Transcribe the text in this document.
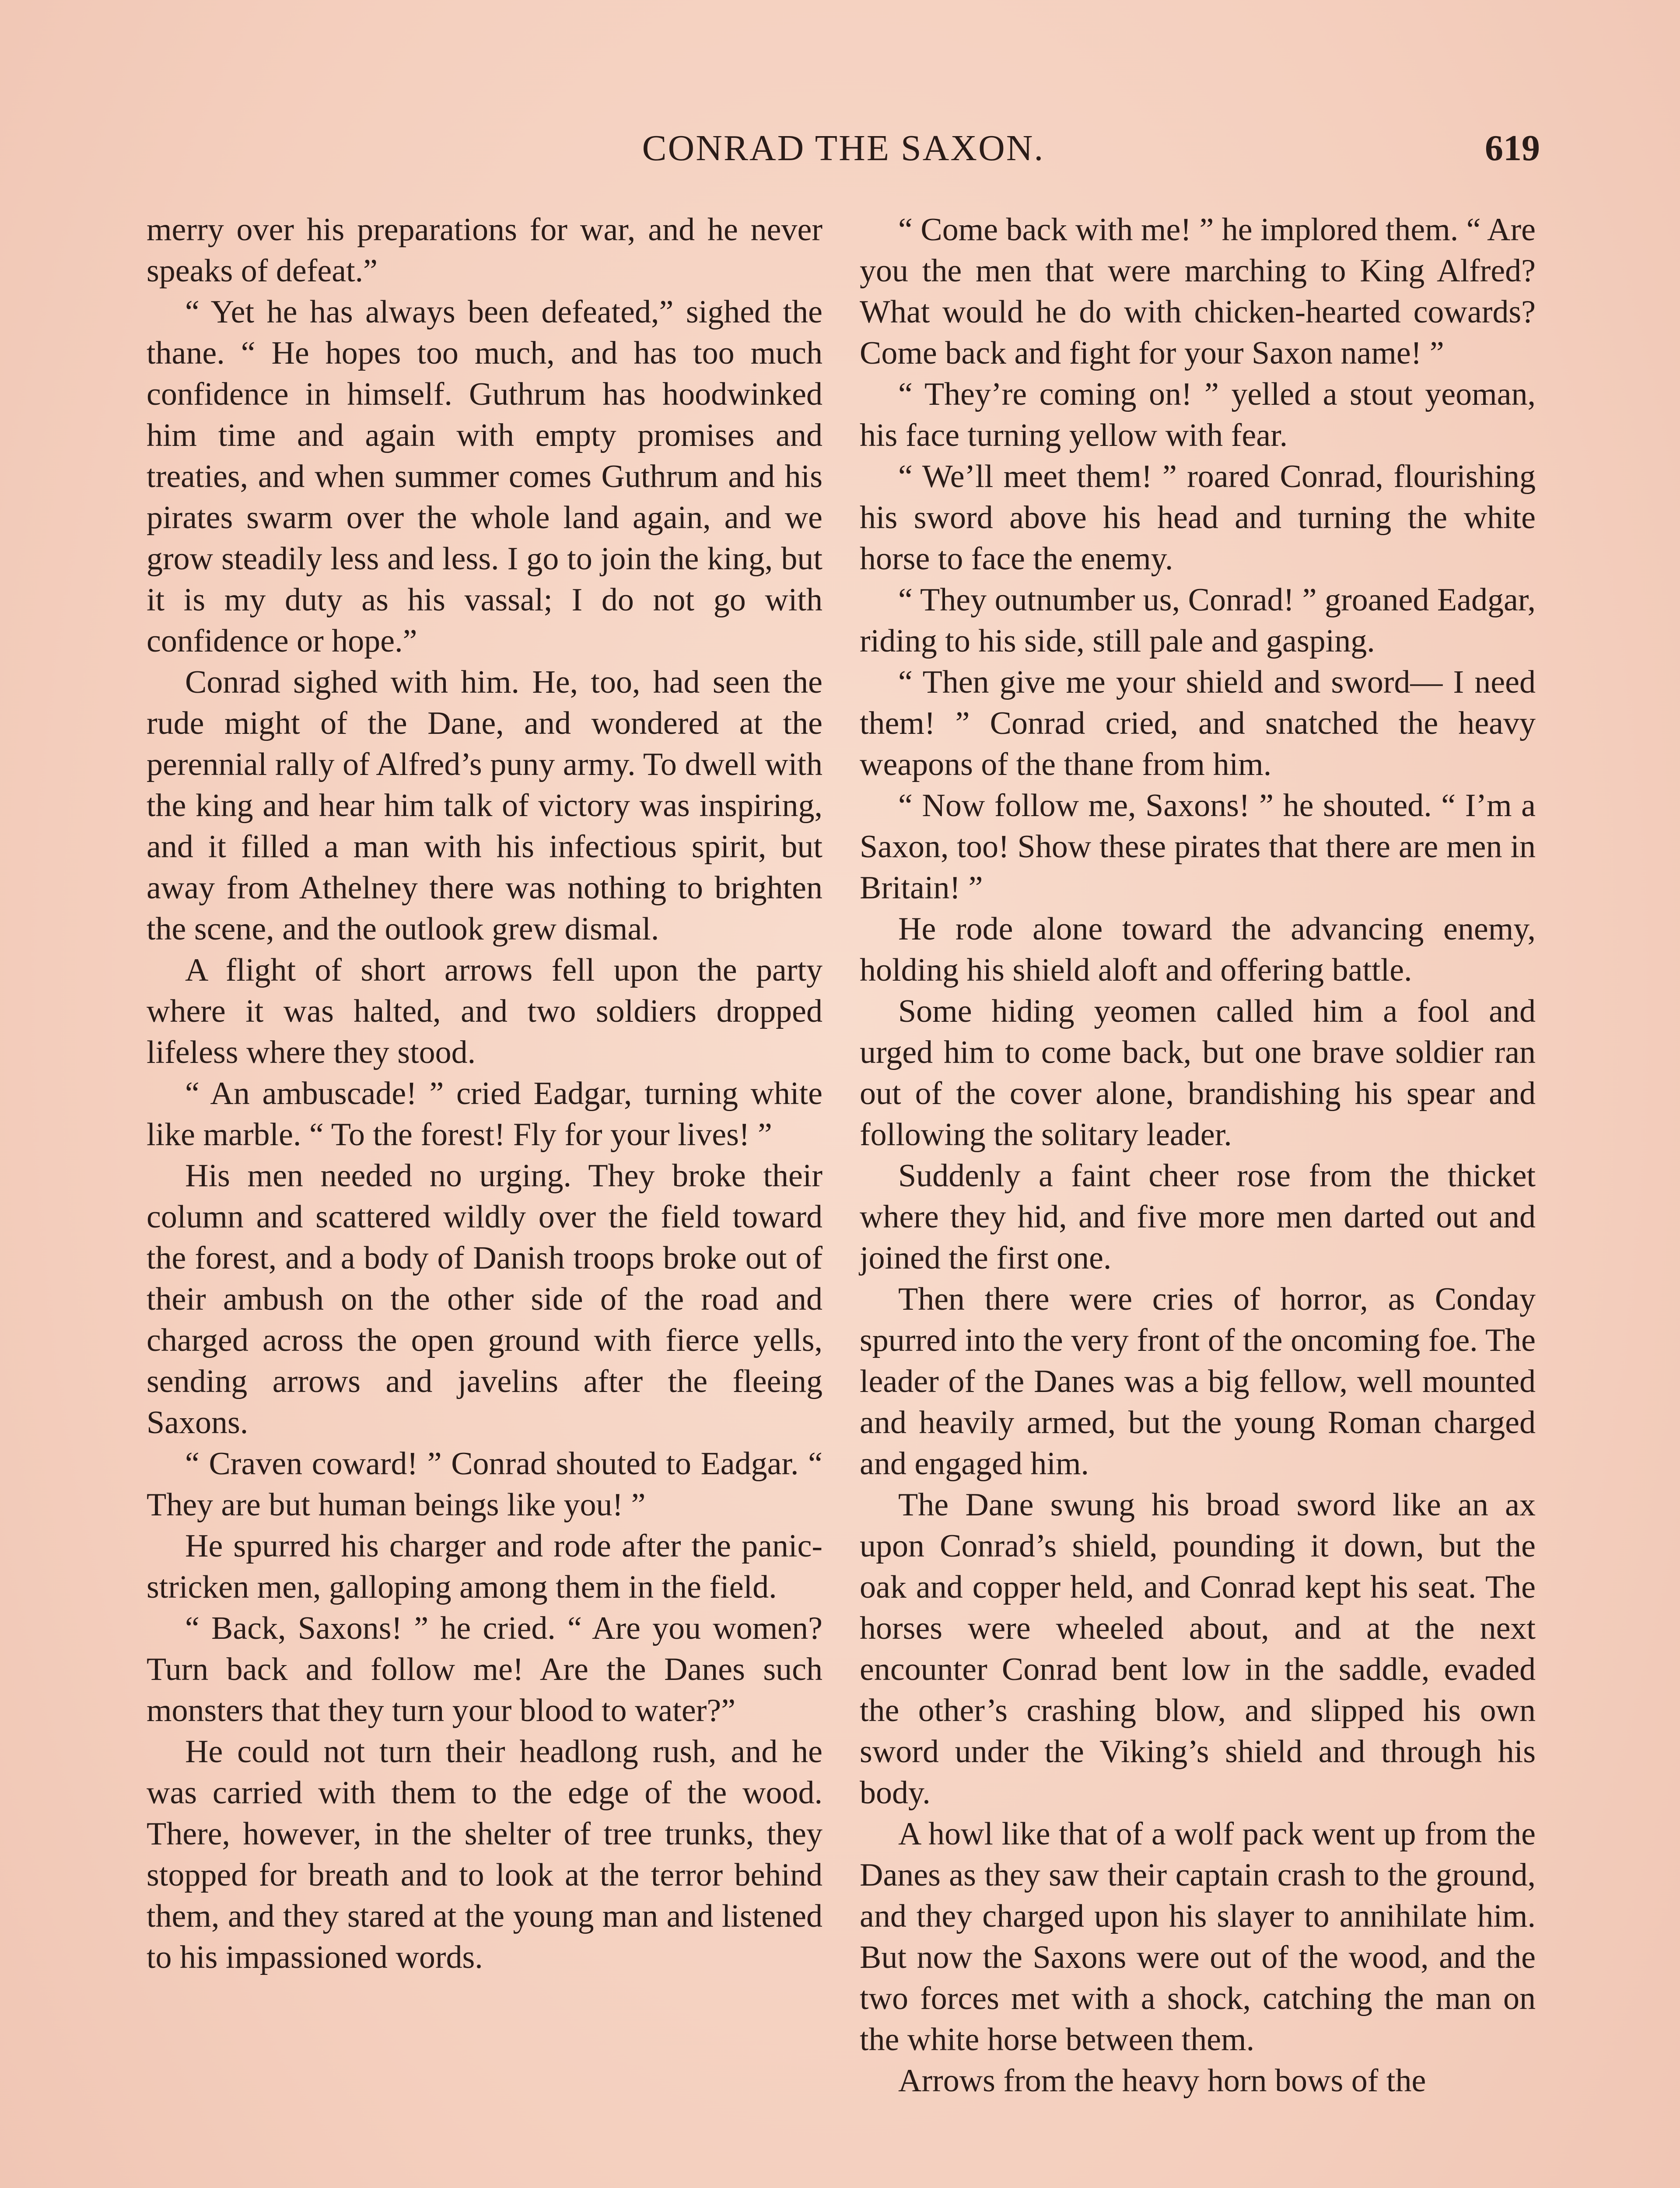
CONRAD THE SAXON.	619

merry over his preparations for war, and he never speaks of defeat.”

“ Yet he has always been defeated,” sighed the thane. “ He hopes too much, and has too much confidence in himself. Guthrum has hoodwinked him time and again with empty promises and treaties, and when summer comes Guthrum and his pirates swarm over the whole land again, and we grow steadily less and less. I go to join the king, but it is my duty as his vassal; I do not go with confidence or hope.”

Conrad sighed with him. He, too, had seen the rude might of the Dane, and wondered at the perennial rally of Alfred’s puny army. To dwell with the king and hear him talk of victory was inspiring, and it filled a man with his infectious spirit, but away from Athelney there was nothing to brighten the scene, and the outlook grew dismal.

A flight of short arrows fell upon the party where it was halted, and two soldiers dropped lifeless where they stood.

“ An ambuscade! ” cried Eadgar, turning white like marble. “ To the forest! Fly for your lives! ”

His men needed no urging. They broke their column and scattered wildly over the field toward the forest, and a body of Danish troops broke out of their ambush on the other side of the road and charged across the open ground with fierce yells, sending arrows and javelins after the fleeing Saxons.

“ Craven coward! ” Conrad shouted to Eadgar. “ They are but human beings like you! ”

He spurred his charger and rode after the panic-stricken men, galloping among them in the field.

“ Back, Saxons! ” he cried. “ Are you women? Turn back and follow me! Are the Danes such monsters that they turn your blood to water?”

He could not turn their headlong rush, and he was carried with them to the edge of the wood. There, however, in the shelter of tree trunks, they stopped for breath and to look at the terror behind them, and they stared at the young man and listened to his impassioned words.

“ Come back with me! ” he implored them. “ Are you the men that were marching to King Alfred? What would he do with chicken-hearted cowards? Come back and fight for your Saxon name! ”

“ They’re coming on! ” yelled a stout yeoman, his face turning yellow with fear.

“ We’ll meet them! ” roared Conrad, flourishing his sword above his head and turning the white horse to face the enemy.

“ They outnumber us, Conrad! ” groaned Eadgar, riding to his side, still pale and gasping.

“ Then give me your shield and sword— I need them! ” Conrad cried, and snatched the heavy weapons of the thane from him.

“ Now follow me, Saxons! ” he shouted. “ I’m a Saxon, too! Show these pirates that there are men in Britain! ”

He rode alone toward the advancing enemy, holding his shield aloft and offering battle.

Some hiding yeomen called him a fool and urged him to come back, but one brave soldier ran out of the cover alone, brandishing his spear and following the solitary leader.

Suddenly a faint cheer rose from the thicket where they hid, and five more men darted out and joined the first one.

Then there were cries of horror, as Conday spurred into the very front of the oncoming foe. The leader of the Danes was a big fellow, well mounted and heavily armed, but the young Roman charged and engaged him.

The Dane swung his broad sword like an ax upon Conrad’s shield, pounding it down, but the oak and copper held, and Conrad kept his seat. The horses were wheeled about, and at the next encounter Conrad bent low in the saddle, evaded the other’s crashing blow, and slipped his own sword under the Viking’s shield and through his body.

A howl like that of a wolf pack went up from the Danes as they saw their captain crash to the ground, and they charged upon his slayer to annihilate him. But now the Saxons were out of the wood, and the two forces met with a shock, catching the man on the white horse between them.

Arrows from the heavy horn bows of the
